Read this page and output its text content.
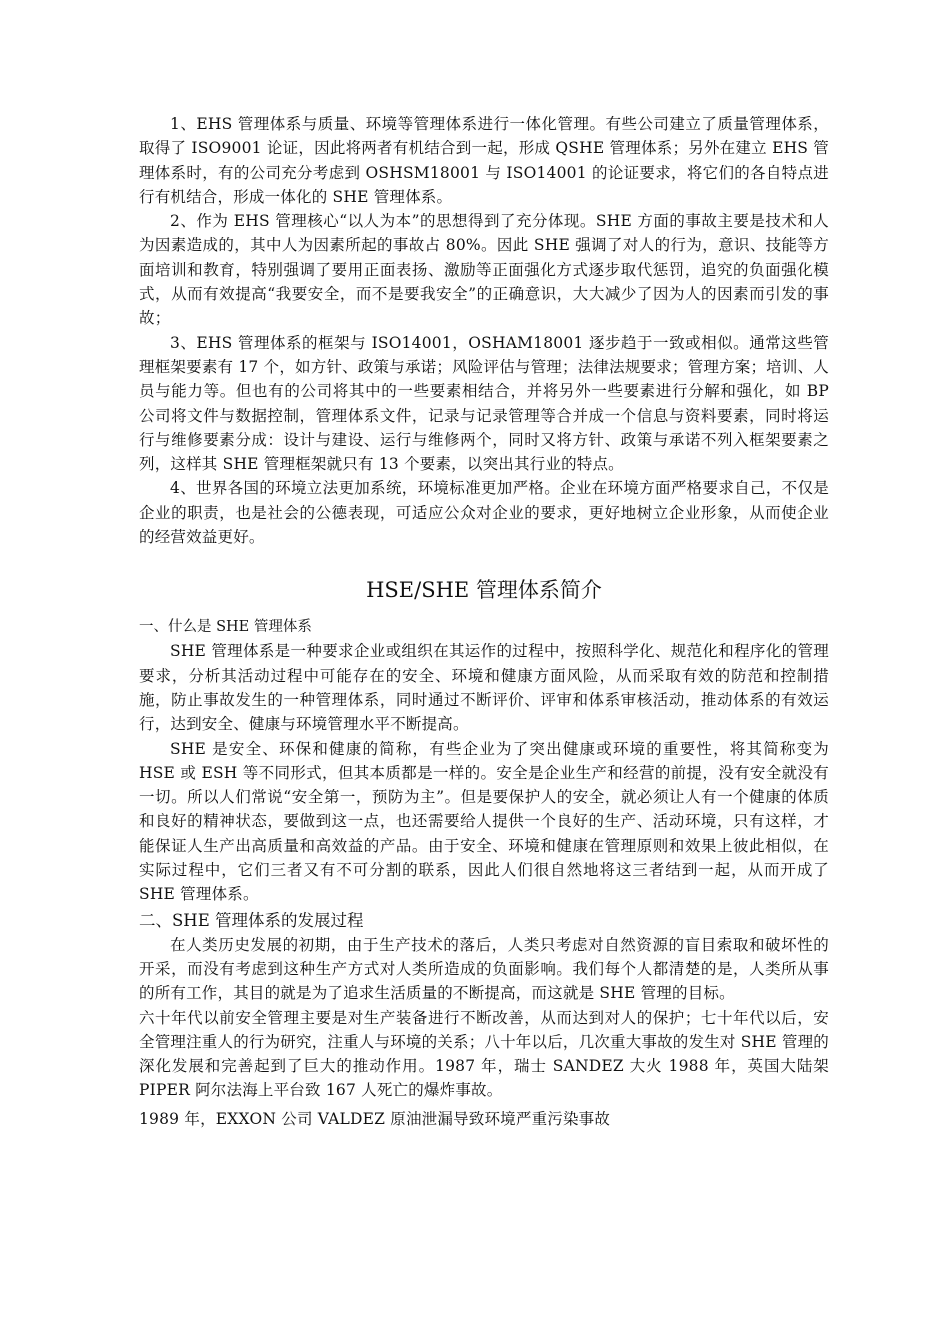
1、EHS 管理体系与质量、环境等管理体系进行一体化管理。有些公司建立了质量管理体系，取得了 ISO9001 论证，因此将两者有机结合到一起，形成 QSHE 管理体系；另外在建立 EHS 管理体系时，有的公司充分考虑到 OSHSM18001 与 ISO14001 的论证要求，将它们的各自特点进行有机结合，形成一体化的 SHE 管理体系。

2、作为 EHS 管理核心“以人为本”的思想得到了充分体现。SHE 方面的事故主要是技术和人为因素造成的，其中人为因素所起的事故占 80%。因此 SHE 强调了对人的行为，意识、技能等方面培训和教育，特别强调了要用正面表扬、激励等正面强化方式逐步取代惩罚，追究的负面强化模式，从而有效提高“我要安全，而不是要我安全”的正确意识，大大减少了因为人的因素而引发的事故；

3、EHS 管理体系的框架与 ISO14001，OSHAM18001 逐步趋于一致或相似。通常这些管理框架要素有 17 个，如方针、政策与承诺；风险评估与管理；法律法规要求；管理方案；培训、人员与能力等。但也有的公司将其中的一些要素相结合，并将另外一些要素进行分解和强化，如 BP 公司将文件与数据控制，管理体系文件，记录与记录管理等合并成一个信息与资料要素，同时将运行与维修要素分成：设计与建设、运行与维修两个，同时又将方针、政策与承诺不列入框架要素之列，这样其 SHE 管理框架就只有 13 个要素，以突出其行业的特点。

4、世界各国的环境立法更加系统，环境标准更加严格。企业在环境方面严格要求自己，不仅是企业的职责，也是社会的公德表现，可适应公众对企业的要求，更好地树立企业形象，从而使企业的经营效益更好。

HSE/SHE 管理体系简介

一、什么是 SHE 管理体系

SHE 管理体系是一种要求企业或组织在其运作的过程中，按照科学化、规范化和程序化的管理要求，分析其活动过程中可能存在的安全、环境和健康方面风险，从而采取有效的防范和控制措施，防止事故发生的一种管理体系，同时通过不断评价、评审和体系审核活动，推动体系的有效运行，达到安全、健康与环境管理水平不断提高。

SHE 是安全、环保和健康的简称，有些企业为了突出健康或环境的重要性，将其简称变为 HSE 或 ESH 等不同形式，但其本质都是一样的。安全是企业生产和经营的前提，没有安全就没有一切。所以人们常说“安全第一，预防为主”。但是要保护人的安全，就必须让人有一个健康的体质和良好的精神状态，要做到这一点，也还需要给人提供一个良好的生产、活动环境，只有这样，才能保证人生产出高质量和高效益的产品。由于安全、环境和健康在管理原则和效果上彼此相似，在实际过程中，它们三者又有不可分割的联系，因此人们很自然地将这三者结到一起，从而开成了 SHE 管理体系。

二、SHE 管理体系的发展过程

在人类历史发展的初期，由于生产技术的落后，人类只考虑对自然资源的盲目索取和破坏性的开采，而没有考虑到这种生产方式对人类所造成的负面影响。我们每个人都清楚的是，人类所从事的所有工作，其目的就是为了追求生活质量的不断提高，而这就是 SHE 管理的目标。

六十年代以前安全管理主要是对生产装备进行不断改善，从而达到对人的保护；七十年代以后，安全管理注重人的行为研究，注重人与环境的关系；八十年以后，几次重大事故的发生对 SHE 管理的深化发展和完善起到了巨大的推动作用。1987 年，瑞士 SANDEZ 大火 1988 年，英国大陆架 PIPER 阿尔法海上平台致 167 人死亡的爆炸事故。

1989 年，EXXON 公司 VALDEZ 原油泄漏导致环境严重污染事故
